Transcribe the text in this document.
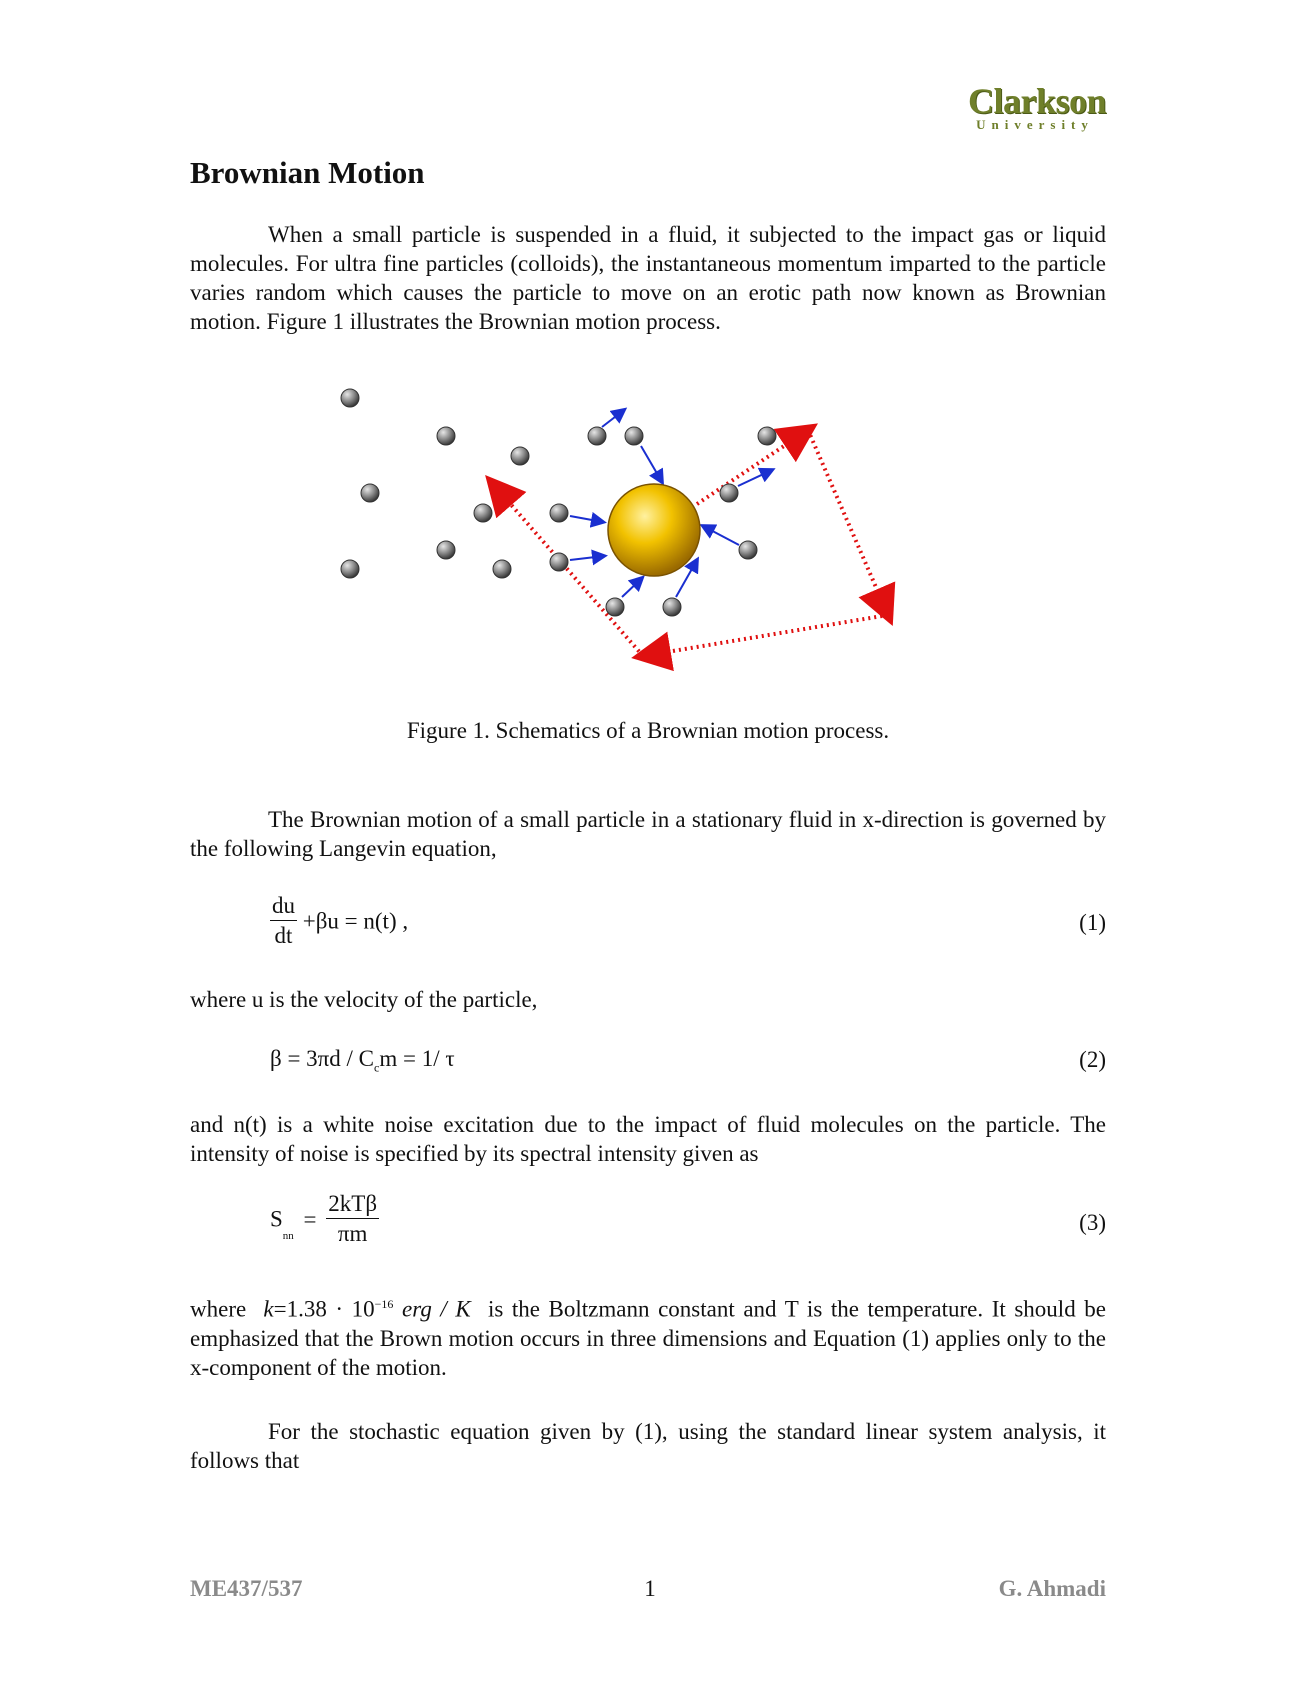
Clarkson
University
Brownian Motion
When a small particle is suspended in a fluid, it subjected to the impact gas or liquid molecules. For ultra fine particles (colloids), the instantaneous momentum imparted to the particle varies random which causes the particle to move on an erotic path now known as Brownian motion. Figure 1 illustrates the Brownian motion process.
Figure 1. Schematics of a Brownian motion process.
The Brownian motion of a small particle in a stationary fluid in x-direction is governed by the following Langevin equation,
$\frac{du}{dt} +\beta u = n(t)$ ,	(1)
where u is the velocity of the particle,
$\beta = 3\pi d / C_cm = 1/$ τ	(2)
and n(t) is a white noise excitation due to the impact of fluid molecules on the particle. The intensity of noise is specified by its spectral intensity given as
$S_{nn} = \frac{\text{2kTβ}}{\pi m}$	(3)
where $k=1.38 \cdot 10^{-16}$ erg / K is the Boltzmann constant and T is the temperature. It should be emphasized that the Brown motion occurs in three dimensions and Equation (1) applies only to the x-component of the motion.
For the stochastic equation given by (1), using the standard linear system analysis, it follows that
ME437/537	1	G. Ahmadi
